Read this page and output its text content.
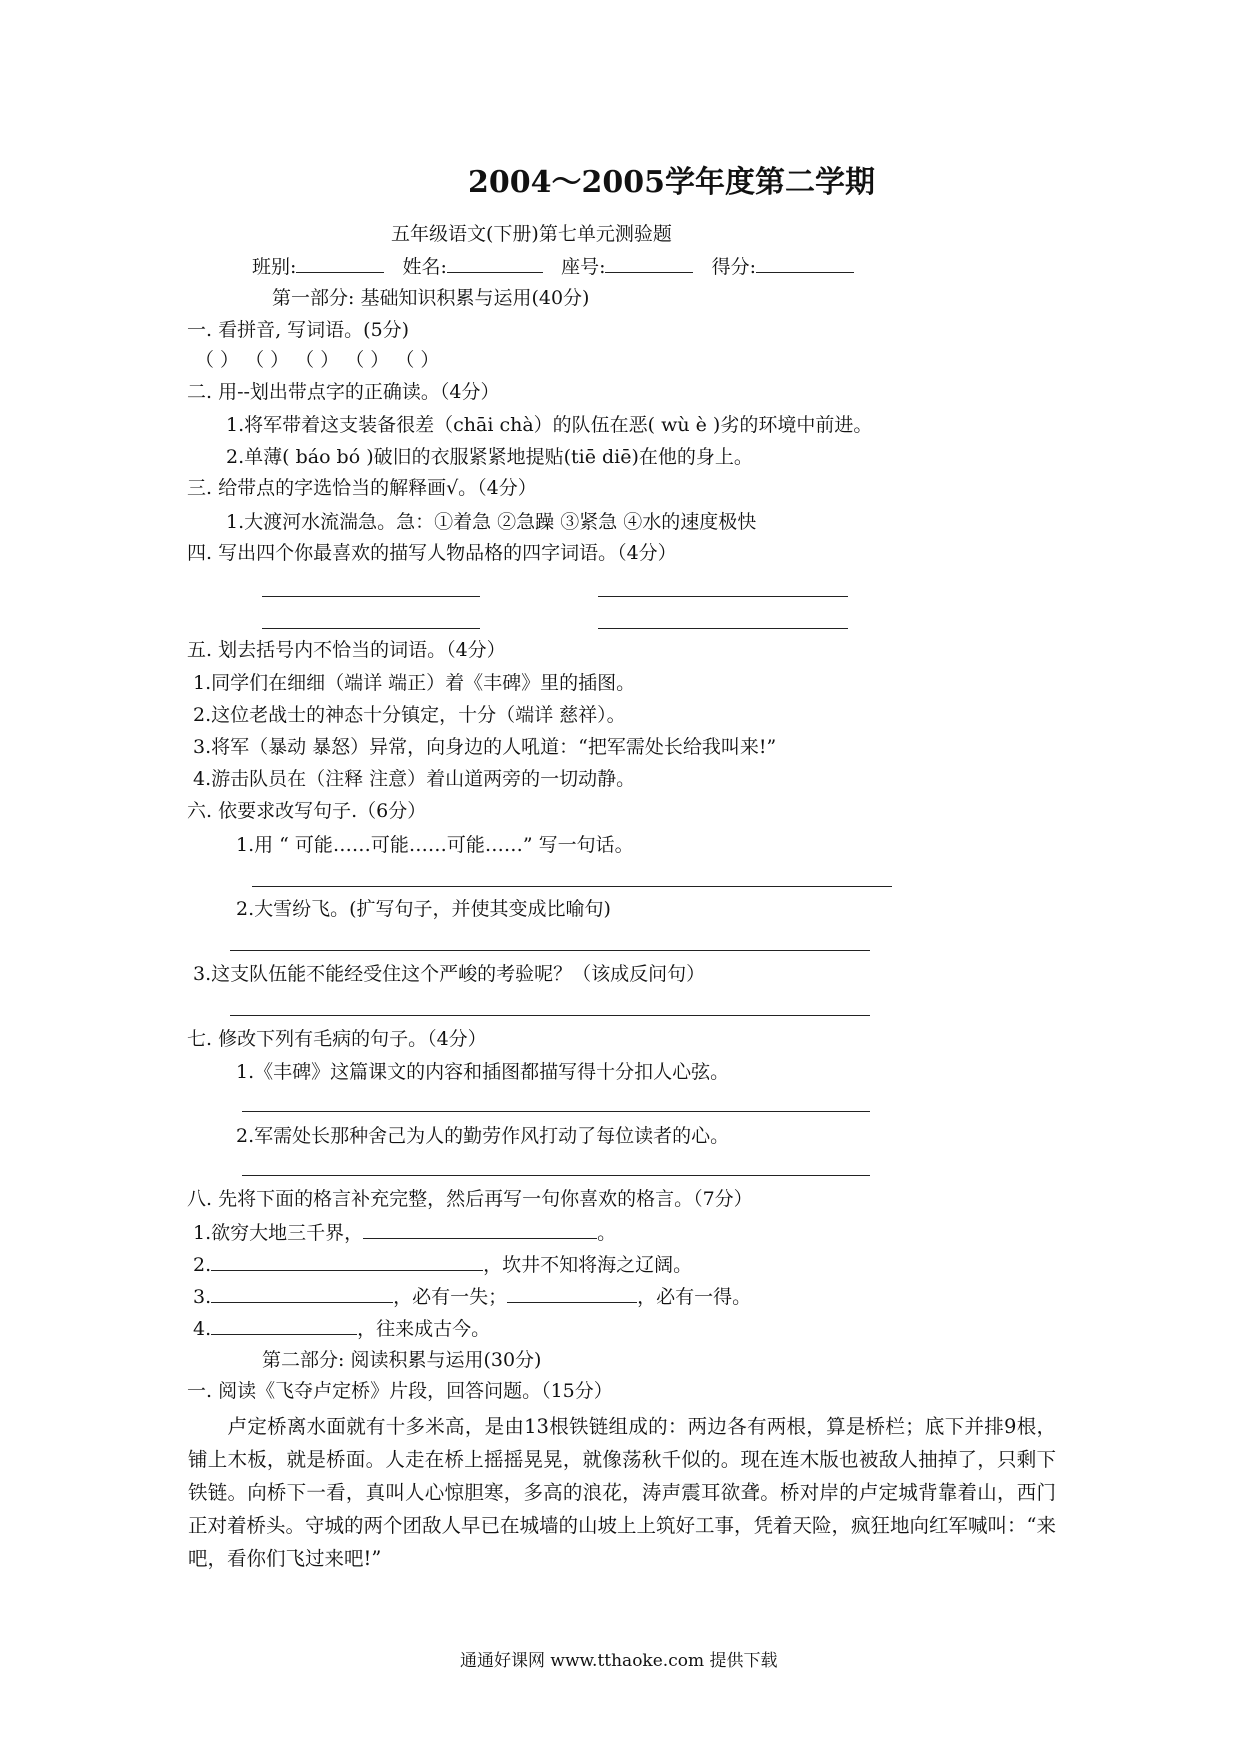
2004～2005学年度第二学期
五年级语文(下册)第七单元测验题
班别:	姓名:	座号:	得分:
第一部分: 基础知识积累与运用(40分)
一. 看拼音, 写词语。(5分)
（ ） （ ） （ ） （ ） （ ）
二. 用--划出带点字的正确读。（4分）
1.将军带着这支装备很差（chāi chà）的队伍在恶( wù è )劣的环境中前进。
2.单薄( báo bó )破旧的衣服紧紧地提贴(tiē diē)在他的身上。
三. 给带点的字选恰当的解释画√。（4分）
1.大渡河水流湍急。急：①着急 ②急躁 ③紧急 ④水的速度极快
四. 写出四个你最喜欢的描写人物品格的四字词语。（4分）
五. 划去括号内不恰当的词语。（4分）
1.同学们在细细（端详 端正）着《丰碑》里的插图。
2.这位老战士的神态十分镇定，十分（端详 慈祥）。
3.将军（暴动 暴怒）异常，向身边的人吼道：“把军需处长给我叫来!”
4.游击队员在（注释 注意）着山道两旁的一切动静。
六. 依要求改写句子.（6分）
1.用 “ 可能……可能……可能……” 写一句话。
2.大雪纷飞。(扩写句子，并使其变成比喻句)
3.这支队伍能不能经受住这个严峻的考验呢？（该成反问句）
七. 修改下列有毛病的句子。（4分）
1.《丰碑》这篇课文的内容和插图都描写得十分扣人心弦。
2.军需处长那种舍己为人的勤劳作风打动了每位读者的心。
八. 先将下面的格言补充完整，然后再写一句你喜欢的格言。（7分）
1.欲穷大地三千界，	。
2.	，坎井不知将海之辽阔。
3.	，必有一失；	，必有一得。
4.	，往来成古今。
第二部分: 阅读积累与运用(30分)
一. 阅读《飞夺卢定桥》片段，回答问题。（15分）
　　卢定桥离水面就有十多米高，是由13根铁链组成的：两边各有两根，算是桥栏；底下并排9根，铺上木板，就是桥面。人走在桥上摇摇晃晃，就像荡秋千似的。现在连木版也被敌人抽掉了，只剩下铁链。向桥下一看，真叫人心惊胆寒，多高的浪花，涛声震耳欲聋。桥对岸的卢定城背靠着山，西门正对着桥头。守城的两个团敌人早已在城墙的山坡上上筑好工事，凭着天险，疯狂地向红军喊叫：“来吧，看你们飞过来吧!”
通通好课网 www.tthaoke.com 提供下载
